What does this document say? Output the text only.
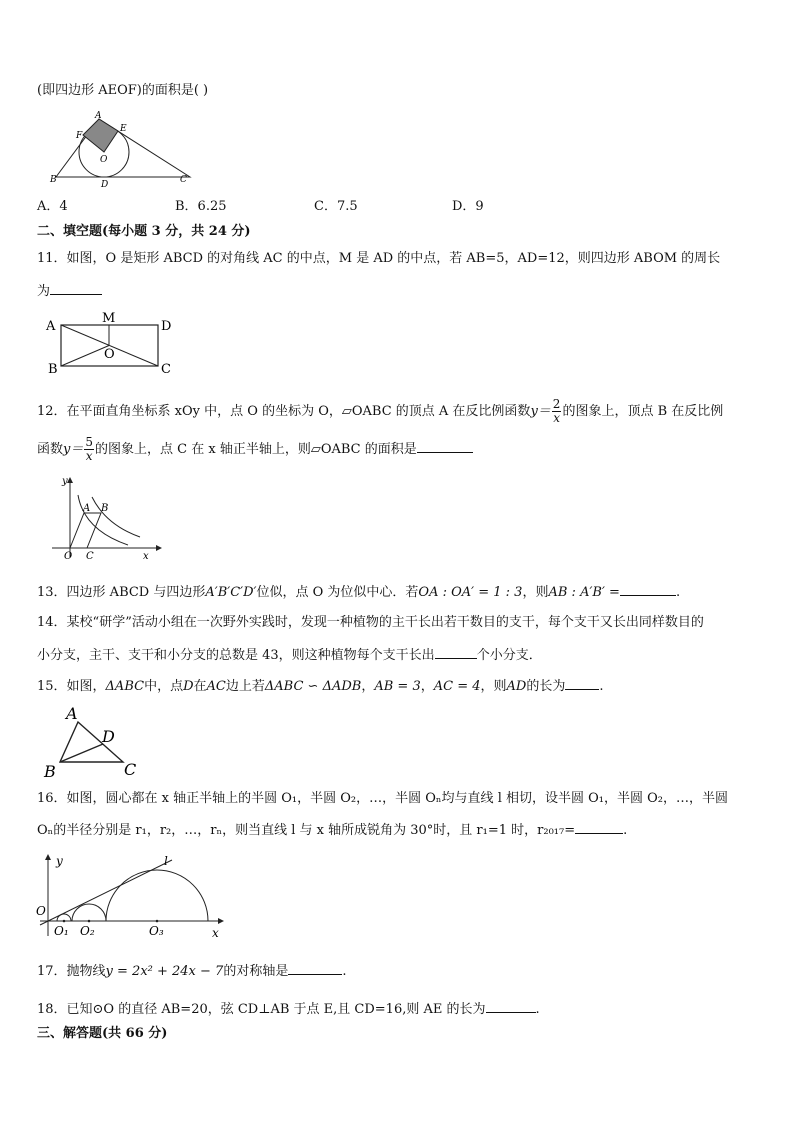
(即四边形 AEOF)的面积是( )
A
F
E
O
B	D	C
A．4	B．6.25	C．7.5	D．9
二、填空题(每小题 3 分，共 24 分)
11．如图，O 是矩形 ABCD 的对角线 AC 的中点，M 是 AD 的中点，若 AB=5，AD=12，则四边形 ABOM 的周长
为
A
M
D
O
B	C
12．在平面直角坐标系 xOy 中，点 O 的坐标为 O，▱OABC 的顶点 A 在反比例函数$y= \frac{2}{x}$ 的图象上，顶点 B 在反比例
函数$y= \frac{5}{x}$ 的图象上，点 C 在 x 轴正半轴上，则▱OABC 的面积是
y
A B
O C	x
13．四边形 ABCD 与四边形A′B′C′D′位似，点 O 为位似中心．若OA : OA′ = 1 : 3，则AB : A′B′ =	.
14．某校“研学”活动小组在一次野外实践时，发现一种植物的主干长出若干数目的支干，每个支干又长出同样数目的
小分支，主干、支干和小分支的总数是 43，则这种植物每个支干长出	个小分支．
15．如图，ΔABC中，点D在AC边上若ΔABC ∽ ΔADB，AB = 3，AC = 4，则AD的长为	.
A
D
B	C
16．如图，圆心都在 x 轴正半轴上的半圆 O₁，半圆 O₂，…，半圆 Oₙ均与直线 l 相切，设半圆 O₁，半圆 O₂，…，半圆
Oₙ的半径分别是 r₁，r₂，…，rₙ，则当直线 l 与 x 轴所成锐角为 30°时，且 r₁=1 时，r₂₀₁₇=	.
y	l
O
O₁ O₂	O₃	x
17．抛物线y = 2x² + 24x − 7的对称轴是	.
18．已知⊙O 的直径 AB=20，弦 CD⊥AB 于点 E,且 CD=16,则 AE 的长为	.
三、解答题(共 66 分)
